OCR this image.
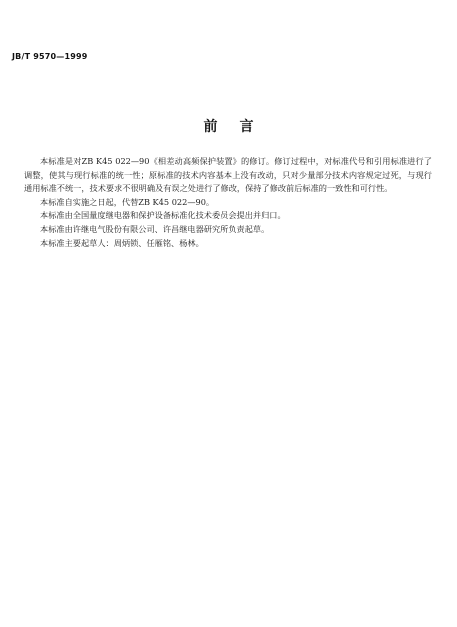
JB/T 9570—1999
前言

本标准是对ZB K45 022—90《相差动高频保护装置》的修订。修订过程中，对标准代号和引用标准进行了调整，使其与现行标准的统一性；原标准的技术内容基本上没有改动，只对少量部分技术内容规定过死，与现行通用标准不统一，技术要求不很明确及有误之处进行了修改，保持了修改前后标准的一致性和可行性。

本标准自实施之日起，代替ZB K45 022—90。

本标准由全国量度继电器和保护设备标准化技术委员会提出并归口。

本标准由许继电气股份有限公司、许昌继电器研究所负责起草。

本标准主要起草人：周炳锁、任雁铭、杨林。
